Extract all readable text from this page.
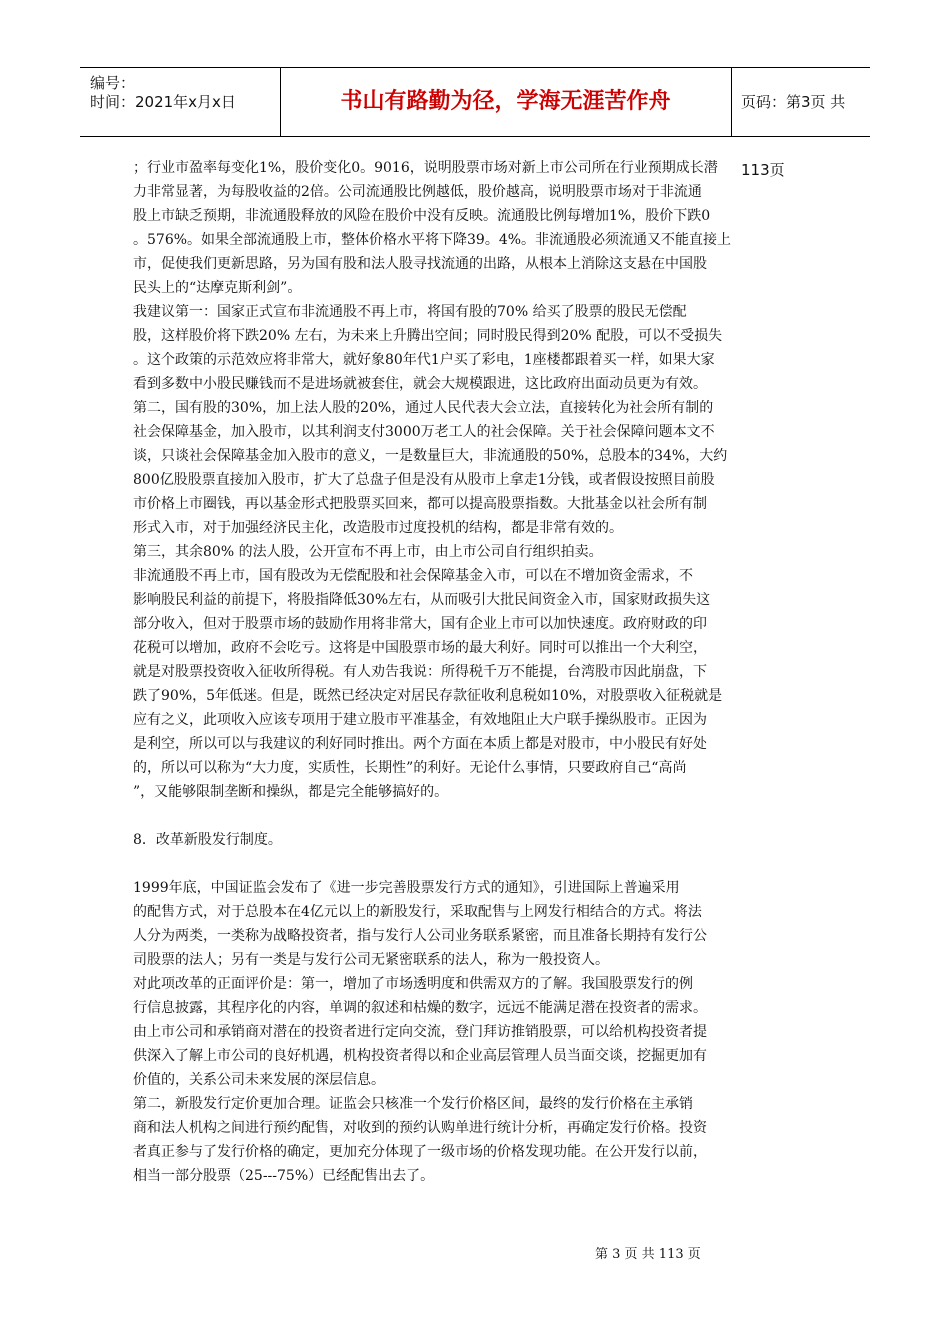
编号：
时间：2021年x月x日	书山有路勤为径，学海无涯苦作舟	页码：第3页 共113页

；行业市盈率每变化1%，股价变化0。9016，说明股票市场对新上市公司所在行业预期成长潜

力非常显著，为每股收益的2倍。公司流通股比例越低，股价越高，说明股票市场对于非流通

股上市缺乏预期，非流通股释放的风险在股价中没有反映。流通股比例每增加1%，股价下跌0

。576%。如果全部流通股上市，整体价格水平将下降39。4%。非流通股必须流通又不能直接上

市，促使我们更新思路，另为国有股和法人股寻找流通的出路，从根本上消除这支悬在中国股

民头上的“达摩克斯利剑”。

我建议第一：国家正式宣布非流通股不再上市，将国有股的70% 给买了股票的股民无偿配

股，这样股价将下跌20% 左右，为未来上升腾出空间；同时股民得到20% 配股，可以不受损失

。这个政策的示范效应将非常大，就好象80年代1户买了彩电，1座楼都跟着买一样，如果大家

看到多数中小股民赚钱而不是进场就被套住，就会大规模跟进，这比政府出面动员更为有效。

第二，国有股的30%，加上法人股的20%，通过人民代表大会立法，直接转化为社会所有制的

社会保障基金，加入股市，以其利润支付3000万老工人的社会保障。关于社会保障问题本文不

谈，只谈社会保障基金加入股市的意义，一是数量巨大，非流通股的50%，总股本的34%，大约

800亿股股票直接加入股市，扩大了总盘子但是没有从股市上拿走1分钱，或者假设按照目前股

市价格上市圈钱，再以基金形式把股票买回来，都可以提高股票指数。大批基金以社会所有制

形式入市，对于加强经济民主化，改造股市过度投机的结构，都是非常有效的。

第三，其余80% 的法人股，公开宣布不再上市，由上市公司自行组织拍卖。

非流通股不再上市，国有股改为无偿配股和社会保障基金入市，可以在不增加资金需求，不

影响股民利益的前提下，将股指降低30%左右，从而吸引大批民间资金入市，国家财政损失这

部分收入，但对于股票市场的鼓励作用将非常大，国有企业上市可以加快速度。政府财政的印

花税可以增加，政府不会吃亏。这将是中国股票市场的最大利好。同时可以推出一个大利空，

就是对股票投资收入征收所得税。有人劝告我说：所得税千万不能提，台湾股市因此崩盘，下

跌了90%，5年低迷。但是，既然已经决定对居民存款征收利息税如10%，对股票收入征税就是

应有之义，此项收入应该专项用于建立股市平准基金，有效地阻止大户联手操纵股市。正因为

是利空，所以可以与我建议的利好同时推出。两个方面在本质上都是对股市，中小股民有好处

的，所以可以称为“大力度，实质性，长期性”的利好。无论什么事情，只要政府自己“高尚

”，又能够限制垄断和操纵，都是完全能够搞好的。

8．改革新股发行制度。

1999年底，中国证监会发布了《进一步完善股票发行方式的通知》，引进国际上普遍采用

的配售方式，对于总股本在4亿元以上的新股发行，采取配售与上网发行相结合的方式。将法

人分为两类，一类称为战略投资者，指与发行人公司业务联系紧密，而且准备长期持有发行公

司股票的法人；另有一类是与发行公司无紧密联系的法人，称为一般投资人。

对此项改革的正面评价是：第一，增加了市场透明度和供需双方的了解。我国股票发行的例

行信息披露，其程序化的内容，单调的叙述和枯燥的数字，远远不能满足潜在投资者的需求。

由上市公司和承销商对潜在的投资者进行定向交流，登门拜访推销股票，可以给机构投资者提

供深入了解上市公司的良好机遇，机构投资者得以和企业高层管理人员当面交谈，挖掘更加有

价值的，关系公司未来发展的深层信息。

第二，新股发行定价更加合理。证监会只核准一个发行价格区间，最终的发行价格在主承销

商和法人机构之间进行预约配售，对收到的预约认购单进行统计分析，再确定发行价格。投资

者真正参与了发行价格的确定，更加充分体现了一级市场的价格发现功能。在公开发行以前，

相当一部分股票（25---75%）已经配售出去了。

第 3 页 共 113 页
